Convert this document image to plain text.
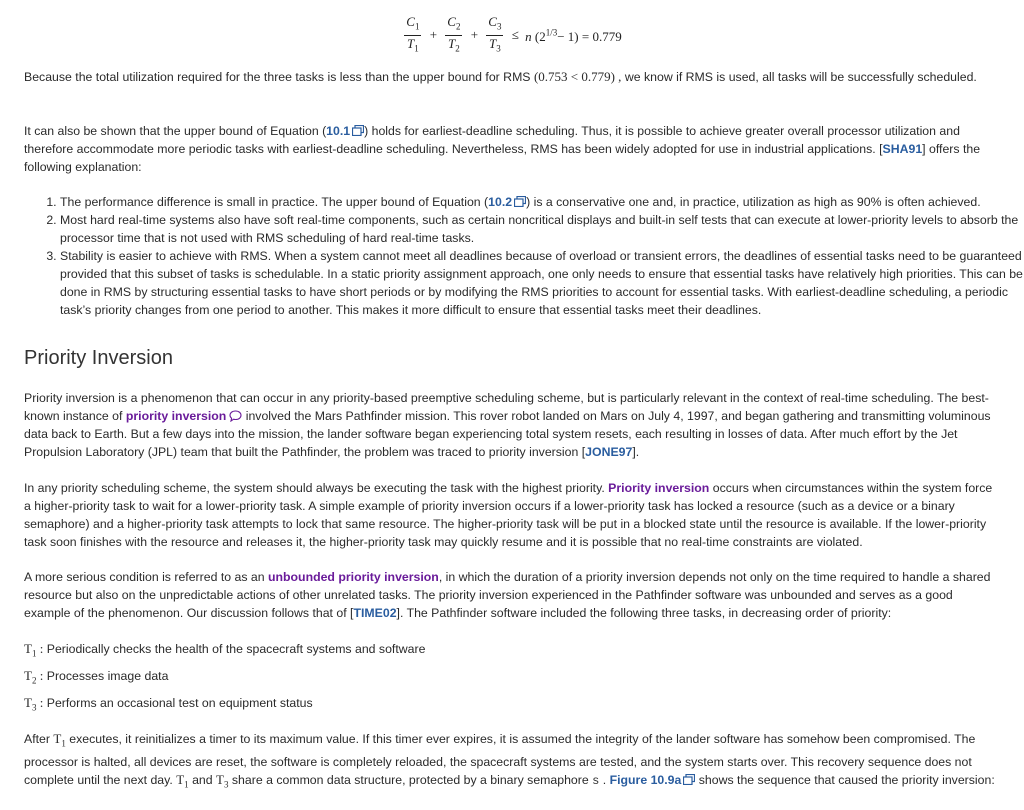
$\frac{C_1}{T_1} + \frac{C_2}{T_2} + \frac{C_3}{T_3} \le n$ $(2^{1/3}- 1) = 0.779$

Because the total utilization required for the three tasks is less than the upper bound for RMS (0.753 < 0.779) , we know if RMS is used, all tasks will be successfully scheduled.

It can also be shown that the upper bound of Equation (10.1 ) holds for earliest-deadline scheduling. Thus, it is possible to achieve greater overall processor utilization and therefore accommodate more periodic tasks with earliest-deadline scheduling. Nevertheless, RMS has been widely adopted for use in industrial applications. [SHA91] offers the following explanation:

1. The performance difference is small in practice. The upper bound of Equation (10.2 ) is a conservative one and, in practice, utilization as high as 90% is often achieved.
2. Most hard real-time systems also have soft real-time components, such as certain noncritical displays and built-in self tests that can execute at lower-priority levels to absorb the processor time that is not used with RMS scheduling of hard real-time tasks.
3. Stability is easier to achieve with RMS. When a system cannot meet all deadlines because of overload or transient errors, the deadlines of essential tasks need to be guaranteed provided that this subset of tasks is schedulable. In a static priority assignment approach, one only needs to ensure that essential tasks have relatively high priorities. This can be done in RMS by structuring essential tasks to have short periods or by modifying the RMS priorities to account for essential tasks. With earliest-deadline scheduling, a periodic task’s priority changes from one period to another. This makes it more difficult to ensure that essential tasks meet their deadlines.
Priority Inversion

Priority inversion is a phenomenon that can occur in any priority-based preemptive scheduling scheme, but is particularly relevant in the context of real-time scheduling. The best-known instance of priority inversion involved the Mars Pathfinder mission. This rover robot landed on Mars on July 4, 1997, and began gathering and transmitting voluminous data back to Earth. But a few days into the mission, the lander software began experiencing total system resets, each resulting in losses of data. After much effort by the Jet Propulsion Laboratory (JPL) team that built the Pathfinder, the problem was traced to priority inversion [JONE97].

In any priority scheduling scheme, the system should always be executing the task with the highest priority. Priority inversion occurs when circumstances within the system force a higher-priority task to wait for a lower-priority task. A simple example of priority inversion occurs if a lower-priority task has locked a resource (such as a device or a binary semaphore) and a higher-priority task attempts to lock that same resource. The higher-priority task will be put in a blocked state until the resource is available. If the lower-priority task soon finishes with the resource and releases it, the higher-priority task may quickly resume and it is possible that no real-time constraints are violated.

A more serious condition is referred to as an unbounded priority inversion, in which the duration of a priority inversion depends not only on the time required to handle a shared resource but also on the unpredictable actions of other unrelated tasks. The priority inversion experienced in the Pathfinder software was unbounded and serves as a good example of the phenomenon. Our discussion follows that of [TIME02]. The Pathfinder software included the following three tasks, in decreasing order of priority:

$T_1$ : Periodically checks the health of the spacecraft systems and software

$T_2$ : Processes image data

$T_3$ : Performs an occasional test on equipment status

After $T_1$ executes, it reinitializes a timer to its maximum value. If this timer ever expires, it is assumed the integrity of the lander software has somehow been compromised. The processor is halted, all devices are reset, the software is completely reloaded, the spacecraft systems are tested, and the system starts over. This recovery sequence does not complete until the next day. $T_1$ and $T_3$ share a common data structure, protected by a binary semaphore s . Figure 10.9a shows the sequence that caused the priority inversion:
